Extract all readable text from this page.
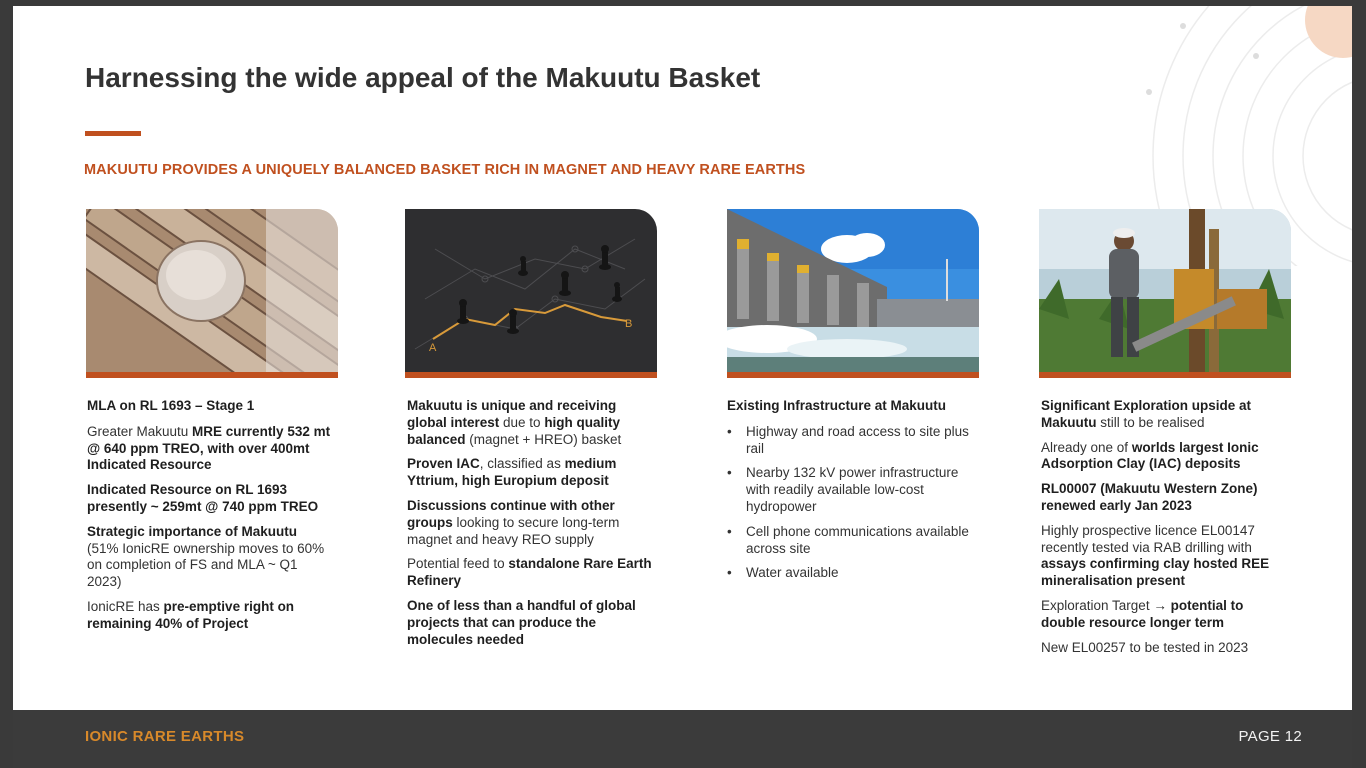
Harnessing the wide appeal of the Makuutu Basket
MAKUUTU PROVIDES A UNIQUELY BALANCED BASKET RICH IN MAGNET AND HEAVY RARE EARTHS
A
B

MLA on RL 1693 – Stage 1

Greater Makuutu MRE currently 532 mt @ 640 ppm TREO, with over 400mt Indicated Resource

Indicated Resource on RL 1693 presently ~ 259mt @ 740 ppm TREO

Strategic importance of Makuutu (51% IonicRE ownership moves to 60% on completion of FS and MLA ~ Q1 2023)

IonicRE has pre-emptive right on remaining 40% of Project

Makuutu is unique and receiving global interest due to high quality balanced (magnet + HREO) basket

Proven IAC, classified as medium Yttrium, high Europium deposit

Discussions continue with other groups looking to secure long-term magnet and heavy REO supply

Potential feed to standalone Rare Earth Refinery

One of less than a handful of global projects that can produce the molecules needed

Existing Infrastructure at Makuutu

• Highway and road access to site plus rail
• Nearby 132 kV power infrastructure with readily available low-cost hydropower
• Cell phone communications available across site
• Water available

Significant Exploration upside at Makuutu still to be realised

Already one of worlds largest Ionic Adsorption Clay (IAC) deposits

RL00007 (Makuutu Western Zone) renewed early Jan 2023

Highly prospective licence EL00147 recently tested via RAB drilling with assays confirming clay hosted REE mineralisation present

Exploration Target → potential to double resource longer term

New EL00257 to be tested in 2023

IONIC RARE EARTHS	PAGE 12
